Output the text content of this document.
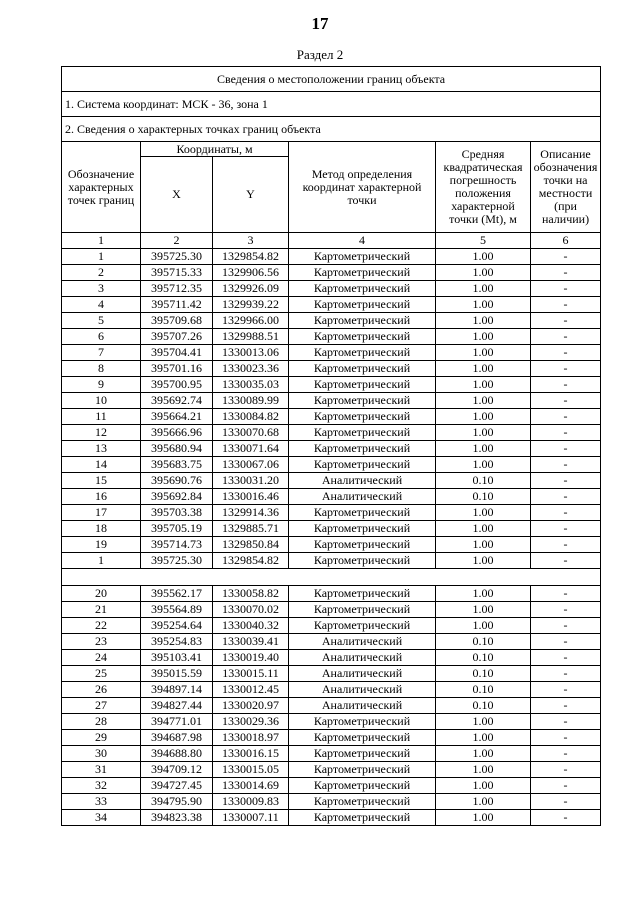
17
Раздел 2
Сведения о местоположении границ объекта					
1. Система координат: МСК - 36, зона 1					
2. Сведения о характерных точках границ объекта					
Обозначение характерных точек границ	Координаты, м		Метод определения координат характерной точки	Средняя квадратическая погрешность положения характерной точки (Mt), м	Описание обозначения точки на местности (при наличии)
	X	Y			
1	2	3	4	5	6
1	395725.30	1329854.82	Картометрический	1.00	-
2	395715.33	1329906.56	Картометрический	1.00	-
3	395712.35	1329926.09	Картометрический	1.00	-
4	395711.42	1329939.22	Картометрический	1.00	-
5	395709.68	1329966.00	Картометрический	1.00	-
6	395707.26	1329988.51	Картометрический	1.00	-
7	395704.41	1330013.06	Картометрический	1.00	-
8	395701.16	1330023.36	Картометрический	1.00	-
9	395700.95	1330035.03	Картометрический	1.00	-
10	395692.74	1330089.99	Картометрический	1.00	-
11	395664.21	1330084.82	Картометрический	1.00	-
12	395666.96	1330070.68	Картометрический	1.00	-
13	395680.94	1330071.64	Картометрический	1.00	-
14	395683.75	1330067.06	Картометрический	1.00	-
15	395690.76	1330031.20	Аналитический	0.10	-
16	395692.84	1330016.46	Аналитический	0.10	-
17	395703.38	1329914.36	Картометрический	1.00	-
18	395705.19	1329885.71	Картометрический	1.00	-
19	395714.73	1329850.84	Картометрический	1.00	-
1	395725.30	1329854.82	Картометрический	1.00	-

20	395562.17	1330058.82	Картометрический	1.00	-
21	395564.89	1330070.02	Картометрический	1.00	-
22	395254.64	1330040.32	Картометрический	1.00	-
23	395254.83	1330039.41	Аналитический	0.10	-
24	395103.41	1330019.40	Аналитический	0.10	-
25	395015.59	1330015.11	Аналитический	0.10	-
26	394897.14	1330012.45	Аналитический	0.10	-
27	394827.44	1330020.97	Аналитический	0.10	-
28	394771.01	1330029.36	Картометрический	1.00	-
29	394687.98	1330018.97	Картометрический	1.00	-
30	394688.80	1330016.15	Картометрический	1.00	-
31	394709.12	1330015.05	Картометрический	1.00	-
32	394727.45	1330014.69	Картометрический	1.00	-
33	394795.90	1330009.83	Картометрический	1.00	-
34	394823.38	1330007.11	Картометрический	1.00	-
